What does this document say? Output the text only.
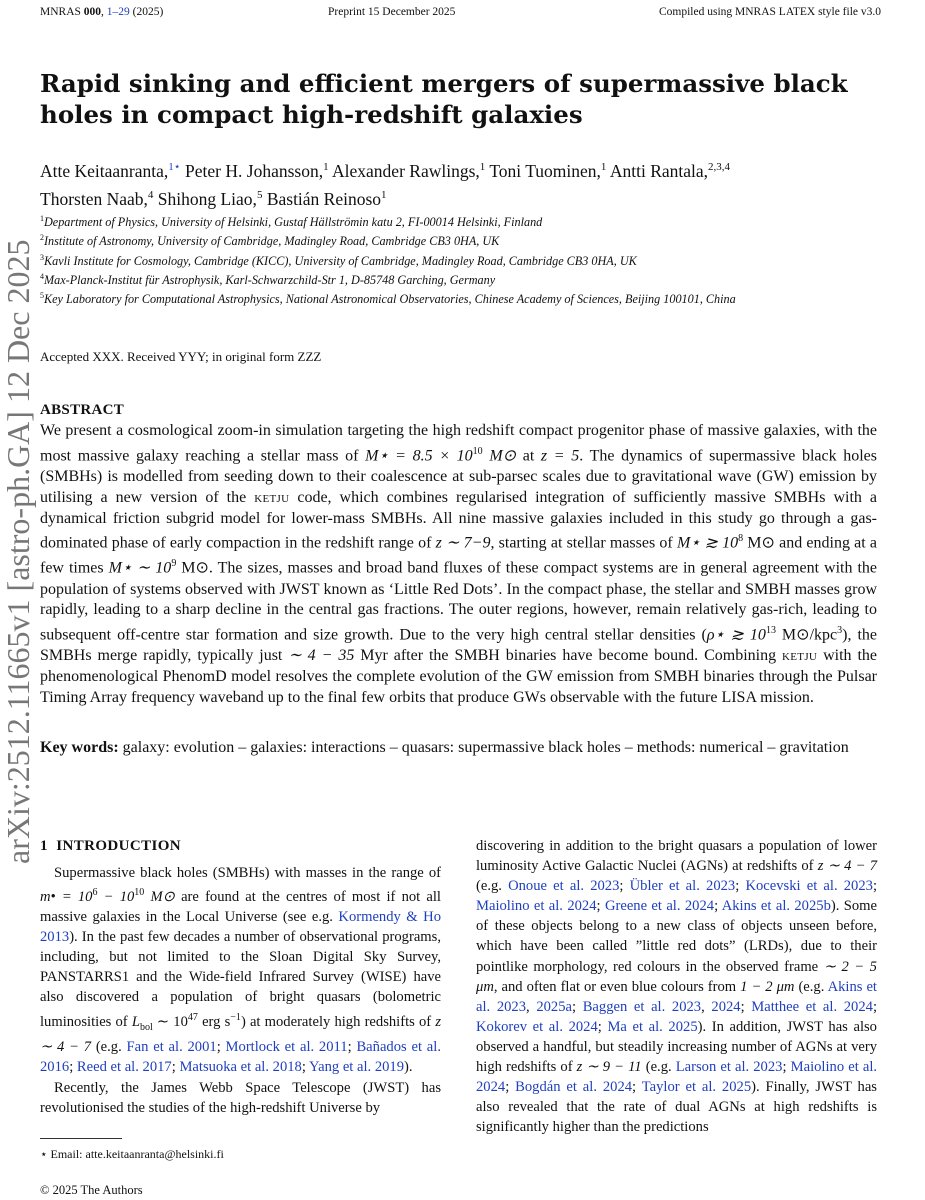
MNRAS 000, 1–29 (2025)	Preprint 15 December 2025	Compiled using MNRAS LATEX style file v3.0
arXiv:2512.11665v1 [astro-ph.GA] 12 Dec 2025
Rapid sinking and efficient mergers of supermassive black holes in compact high-redshift galaxies
Atte Keitaanranta,$^{1⋆}$ Peter H. Johansson,$^1$ Alexander Rawlings,$^1$ Toni Tuominen,$^1$ Antti Rantala,$^{2,3,4}$
Thorsten Naab,$^4$ Shihong Liao,$^5$ Bastián Reinoso$^1$
$^1$Department of Physics, University of Helsinki, Gustaf Hällströmin katu 2, FI-00014 Helsinki, Finland
$^2$Institute of Astronomy, University of Cambridge, Madingley Road, Cambridge CB3 0HA, UK
$^3$Kavli Institute for Cosmology, Cambridge (KICC), University of Cambridge, Madingley Road, Cambridge CB3 0HA, UK
$^4$Max-Planck-Institut für Astrophysik, Karl-Schwarzchild-Str 1, D-85748 Garching, Germany
$^5$Key Laboratory for Computational Astrophysics, National Astronomical Observatories, Chinese Academy of Sciences, Beijing 100101, China
Accepted XXX. Received YYY; in original form ZZZ
ABSTRACT

We present a cosmological zoom-in simulation targeting the high redshift compact progenitor phase of massive galaxies, with the most massive galaxy reaching a stellar mass of M⋆ = $8.5 \times 10^{10}$ M⊙ at z = 5. The dynamics of supermassive black holes (SMBHs) is modelled from seeding down to their coalescence at sub-parsec scales due to gravitational wave (GW) emission by utilising a new version of the ketju code, which combines regularised integration of sufficiently massive SMBHs with a dynamical friction subgrid model for lower-mass SMBHs. All nine massive galaxies included in this study go through a gas-dominated phase of early compaction in the redshift range of z ∼ 7−9, starting at stellar masses of M⋆ ≳ $10^8$ M⊙ and ending at a few times M⋆ ∼ $10^9$ M⊙. The sizes, masses and broad band fluxes of these compact systems are in general agreement with the population of systems observed with JWST known as ‘Little Red Dots’. In the compact phase, the stellar and SMBH masses grow rapidly, leading to a sharp decline in the central gas fractions. The outer regions, however, remain relatively gas-rich, leading to subsequent off-centre star formation and size growth. Due to the very high central stellar densities (ρ⋆ ≳ $10^{13}$ M⊙/kpc$^3$), the SMBHs merge rapidly, typically just ∼ 4 − 35 Myr after the SMBH binaries have become bound. Combining ketju with the phenomenological PhenomD model resolves the complete evolution of the GW emission from SMBH binaries through the Pulsar Timing Array frequency waveband up to the final few orbits that produce GWs observable with the future LISA mission.

Key words: galaxy: evolution – galaxies: interactions – quasars: supermassive black holes – methods: numerical – gravitation

1 INTRODUCTION

Supermassive black holes (SMBHs) with masses in the range of m• = $10^6 - 10^{10}$ M⊙ are found at the centres of most if not all massive galaxies in the Local Universe (see e.g. Kormendy & Ho 2013). In the past few decades a number of observational programs, including, but not limited to the Sloan Digital Sky Survey, PANSTARRS1 and the Wide-field Infrared Survey (WISE) have also discovered a population of bright quasars (bolometric luminosities of $L_{bol}$ ∼ $10^{47}$ erg $s^{-1}$) at moderately high redshifts of z ∼ 4 − 7 (e.g. Fan et al. 2001; Mortlock et al. 2011; Bañados et al. 2016; Reed et al. 2017; Matsuoka et al. 2018; Yang et al. 2019).

Recently, the James Webb Space Telescope (JWST) has revolutionised the studies of the high-redshift Universe by

discovering in addition to the bright quasars a population of lower luminosity Active Galactic Nuclei (AGNs) at redshifts of z ∼ 4 − 7 (e.g. Onoue et al. 2023; Übler et al. 2023; Kocevski et al. 2023; Maiolino et al. 2024; Greene et al. 2024; Akins et al. 2025b). Some of these objects belong to a new class of objects unseen before, which have been called ”little red dots” (LRDs), due to their pointlike morphology, red colours in the observed frame ∼ 2 − 5 μm, and often flat or even blue colours from 1 − 2 μm (e.g. Akins et al. 2023, 2025a; Baggen et al. 2023, 2024; Matthee et al. 2024; Kokorev et al. 2024; Ma et al. 2025). In addition, JWST has also observed a handful, but steadily increasing number of AGNs at very high redshifts of z ∼ 9 − 11 (e.g. Larson et al. 2023; Maiolino et al. 2024; Bogdán et al. 2024; Taylor et al. 2025). Finally, JWST has also revealed that the rate of dual AGNs at high redshifts is significantly higher than the predictions

⋆ Email: atte.keitaanranta@helsinki.fi
© 2025 The Authors
